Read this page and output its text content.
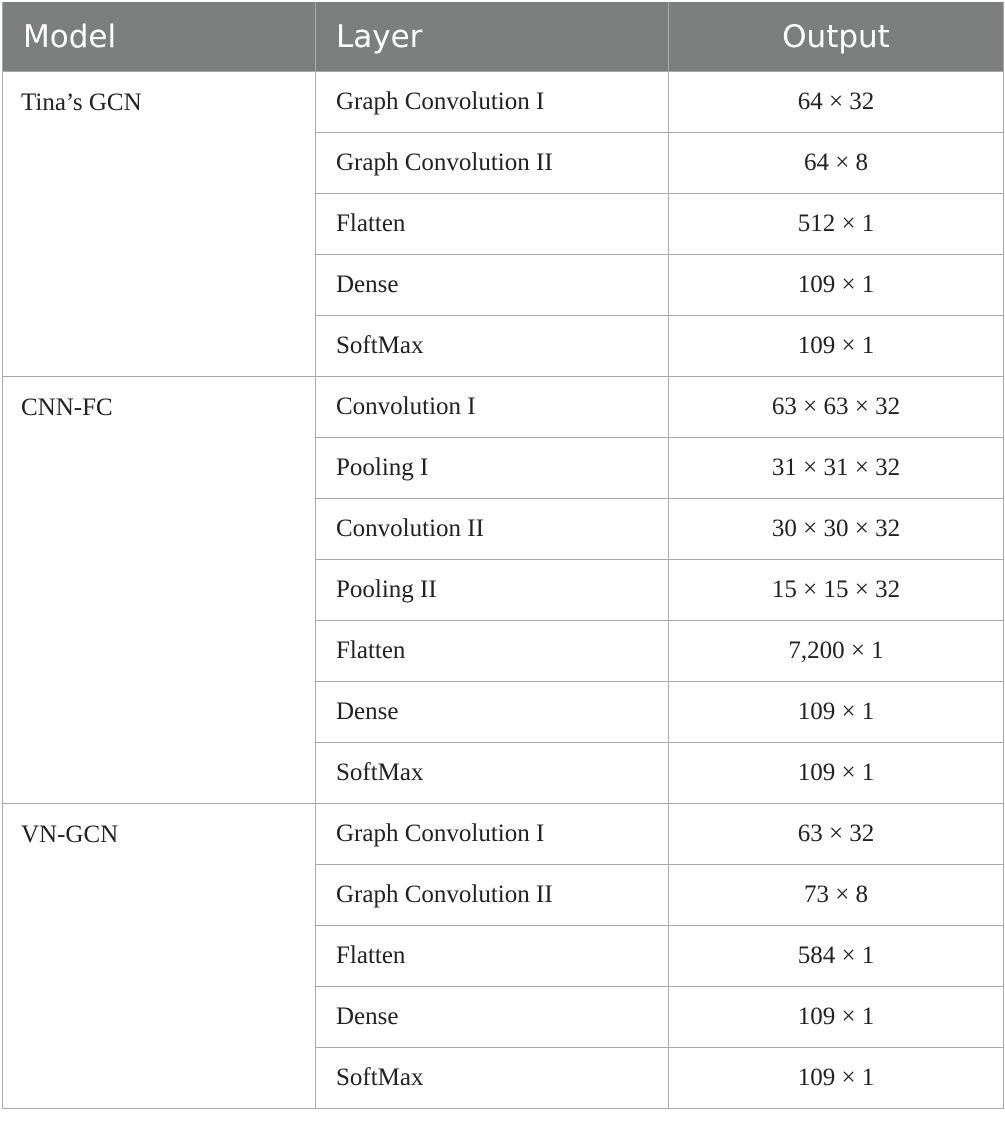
Model	Layer	Output
Tina’s GCN	Graph Convolution I	64 × 32
	Graph Convolution II	64 × 8
	Flatten	512 × 1
	Dense	109 × 1
	SoftMax	109 × 1
CNN-FC	Convolution I	63 × 63 × 32
	Pooling I	31 × 31 × 32
	Convolution II	30 × 30 × 32
	Pooling II	15 × 15 × 32
	Flatten	7,200 × 1
	Dense	109 × 1
	SoftMax	109 × 1
VN-GCN	Graph Convolution I	63 × 32
	Graph Convolution II	73 × 8
	Flatten	584 × 1
	Dense	109 × 1
	SoftMax	109 × 1
